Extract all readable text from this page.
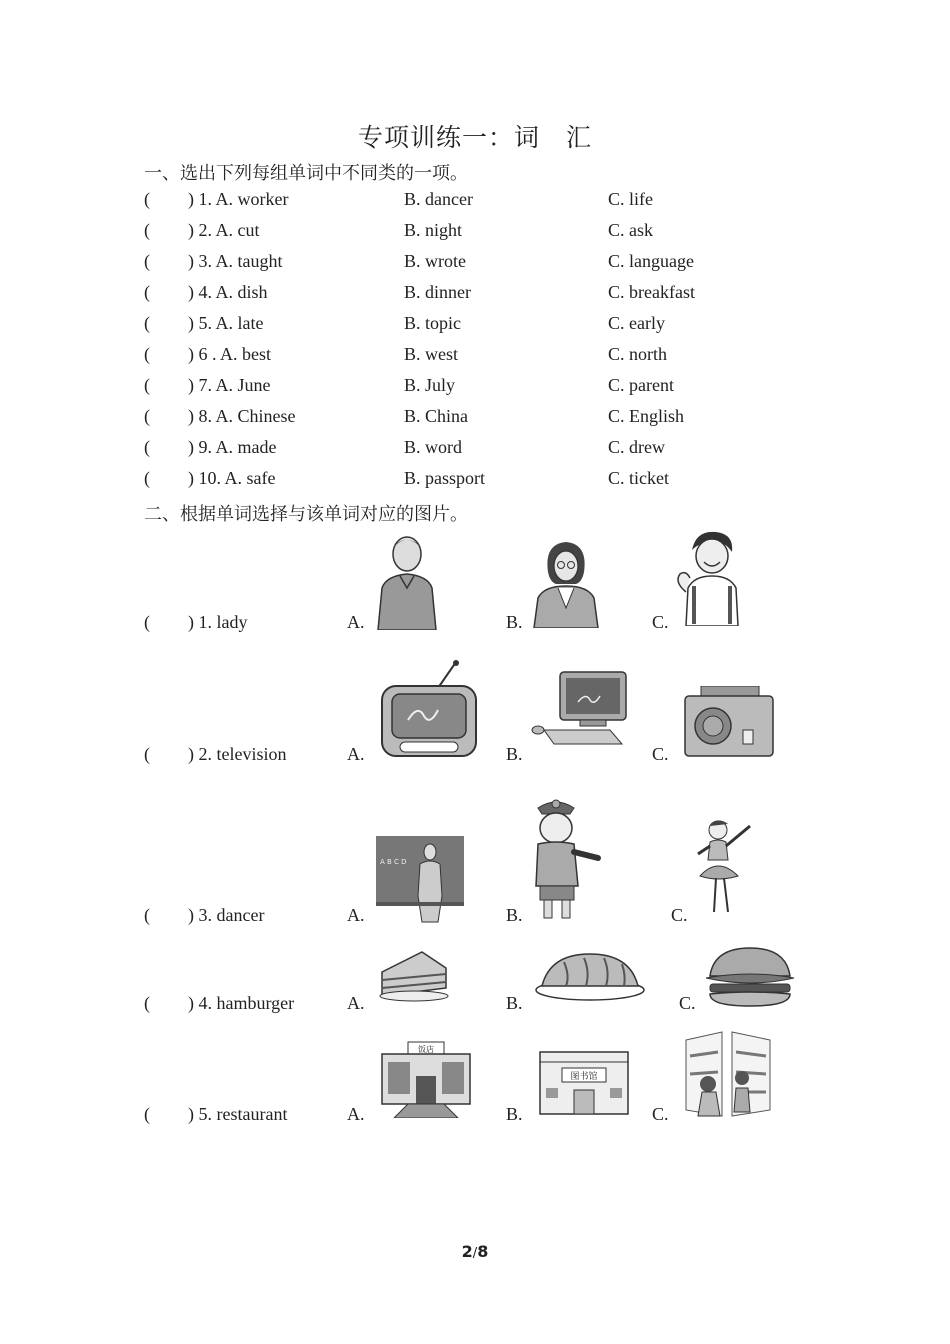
专项训练一：词　汇
一、选出下列每组单词中不同类的一项。
( ) 1. A. worker	B. dancer	C. life
( ) 2. A. cut	B. night	C. ask
( ) 3. A. taught	B. wrote	C. language
( ) 4. A. dish	B. dinner	C. breakfast
( ) 5. A. late	B. topic	C. early
( ) 6 . A. best	B. west	C. north
( ) 7. A. June	B. July	C. parent
( ) 8. A. Chinese	B. China	C. English
( ) 9. A. made	B. word	C. drew
( ) 10. A. safe	B. passport	C. ticket
二、根据单词选择与该单词对应的图片。
( ) 1. lady	A.	B.	C.
( ) 2. television	A.	B.	C.
( ) 3. dancer	A.	B.	C.
A B C D
( ) 4. hamburger	A.	B.	C.
( ) 5. restaurant	A.	B.	C.
饭店
图书馆
2/8
